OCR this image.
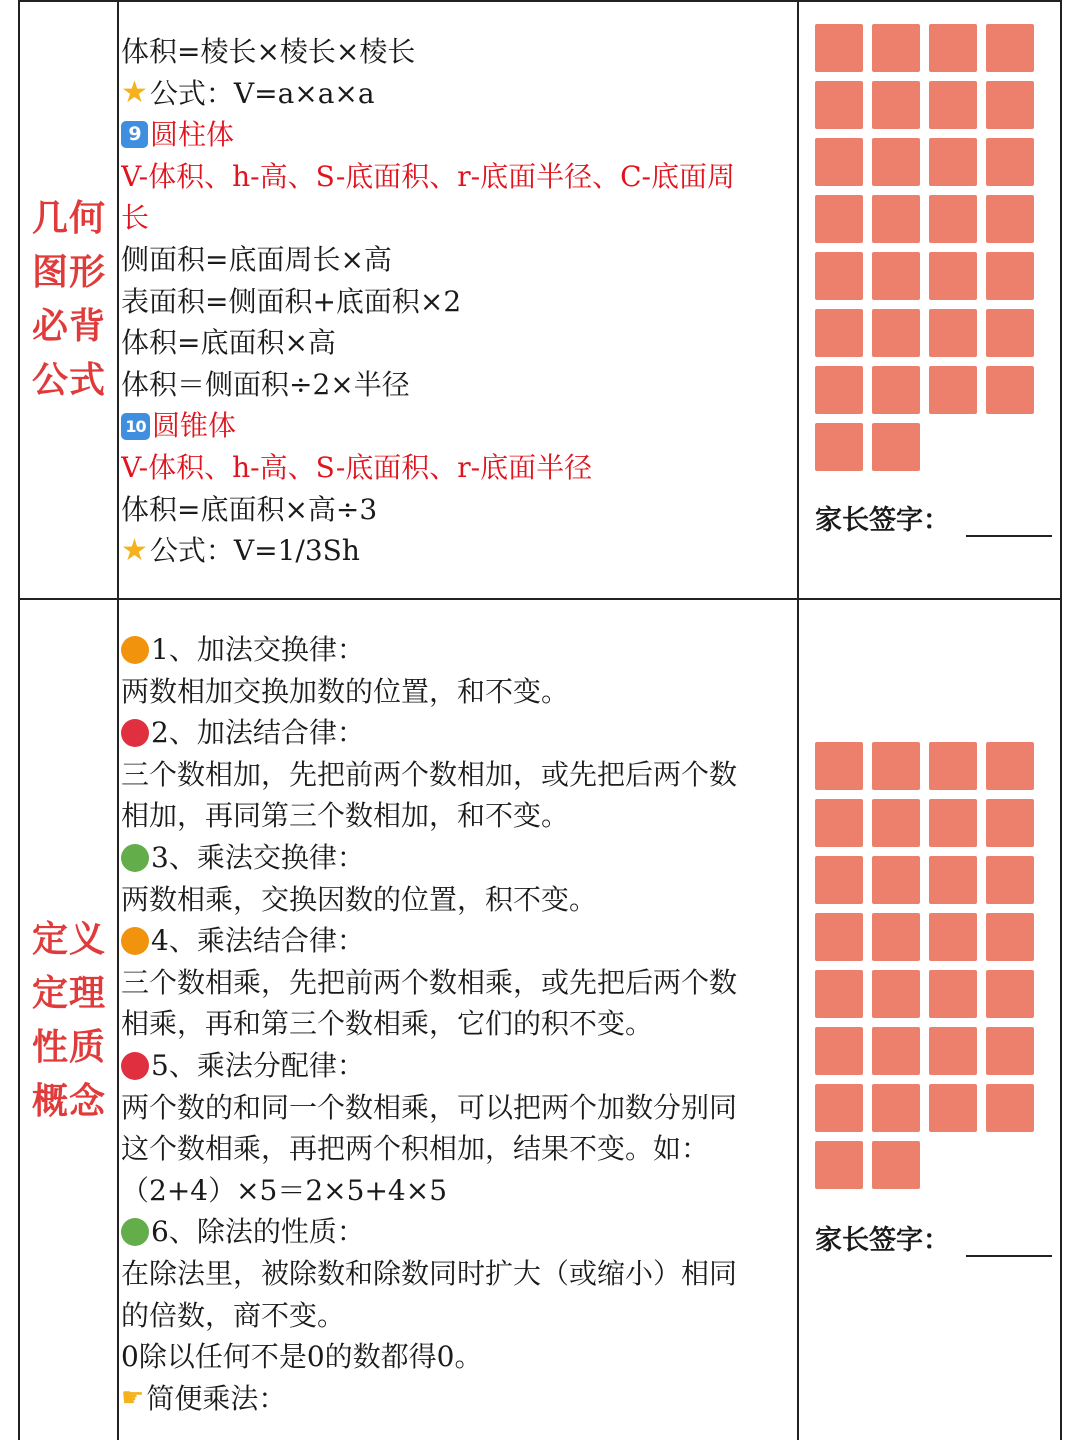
几何
图形
必背
公式
体积=棱长×棱长×棱长
★ 公式：V=a×a×a
9 圆柱体
V-体积、h-高、S-底面积、r-底面半径、C-底面周
长
侧面积=底面周长×高
表面积=侧面积+底面积×2
体积=底面积×高
体积＝侧面积÷2×半径
10 圆锥体
V-体积、h-高、S-底面积、r-底面半径
体积=底面积×高÷3
★ 公式：V=1/3Sh
家长签字：
定义
定理
性质
概念
1、加法交换律：
两数相加交换加数的位置，和不变。
2、加法结合律：
三个数相加，先把前两个数相加，或先把后两个数
相加，再同第三个数相加，和不变。
3、乘法交换律：
两数相乘，交换因数的位置，积不变。
4、乘法结合律：
三个数相乘，先把前两个数相乘，或先把后两个数
相乘，再和第三个数相乘，它们的积不变。
5、乘法分配律：
两个数的和同一个数相乘，可以把两个加数分别同
这个数相乘，再把两个积相加，结果不变。如：
（2+4）×5＝2×5+4×5
6、除法的性质：
在除法里，被除数和除数同时扩大（或缩小）相同
的倍数，商不变。
0除以任何不是0的数都得0。
☛ 简便乘法：
家长签字：
